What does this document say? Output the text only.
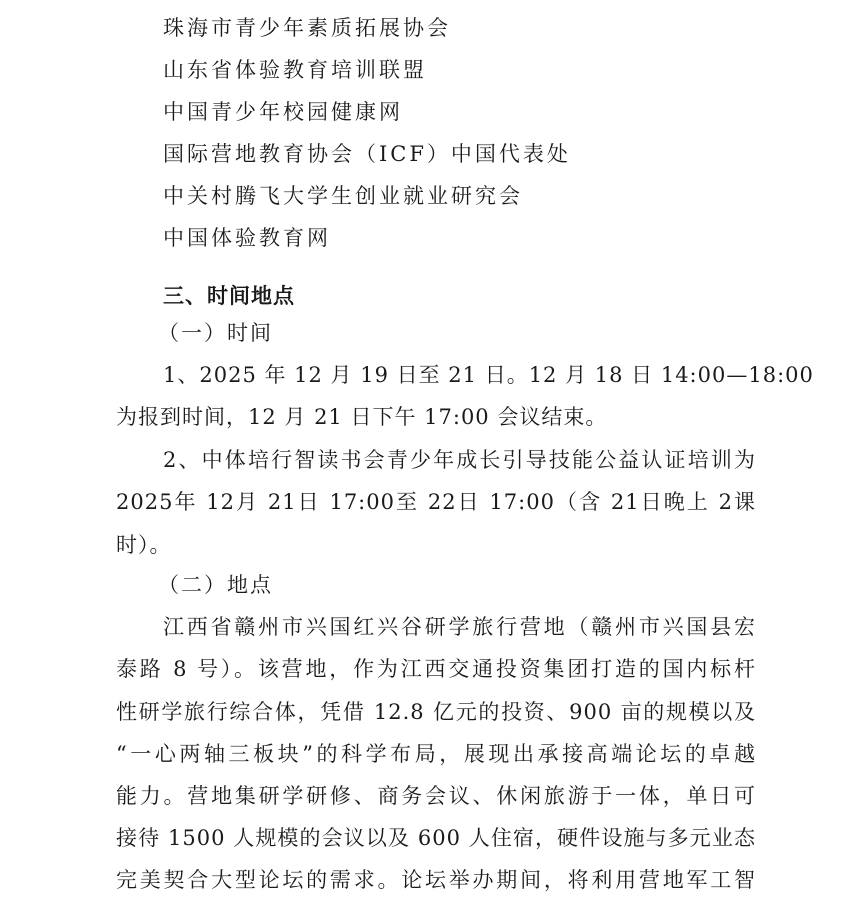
珠海市青少年素质拓展协会
山东省体验教育培训联盟
中国青少年校园健康网
国际营地教育协会（ICF）中国代表处
中关村腾飞大学生创业就业研究会
中国体验教育网
三、时间地点
（一）时间
1、2025 年 12 月 19 日至 21 日。12 月 18 日 14:00—18:00
为报到时间，12 月 21 日下午 17:00 会议结束。
2、中体培行智读书会青少年成长引导技能公益认证培训为
2025年 12月 21日 17:00至 22日 17:00（含 21日晚上 2课
时）。
（二）地点
江西省赣州市兴国红兴谷研学旅行营地（赣州市兴国县宏
泰路 8 号）。该营地，作为江西交通投资集团打造的国内标杆
性研学旅行综合体，凭借 12.8 亿元的投资、900 亩的规模以及
“一心两轴三板块”的科学布局，展现出承接高端论坛的卓越
能力。营地集研学研修、商务会议、休闲旅游于一体，单日可
接待 1500 人规模的会议以及 600 人住宿，硬件设施与多元业态
完美契合大型论坛的需求。论坛举办期间，将利用营地军工智
